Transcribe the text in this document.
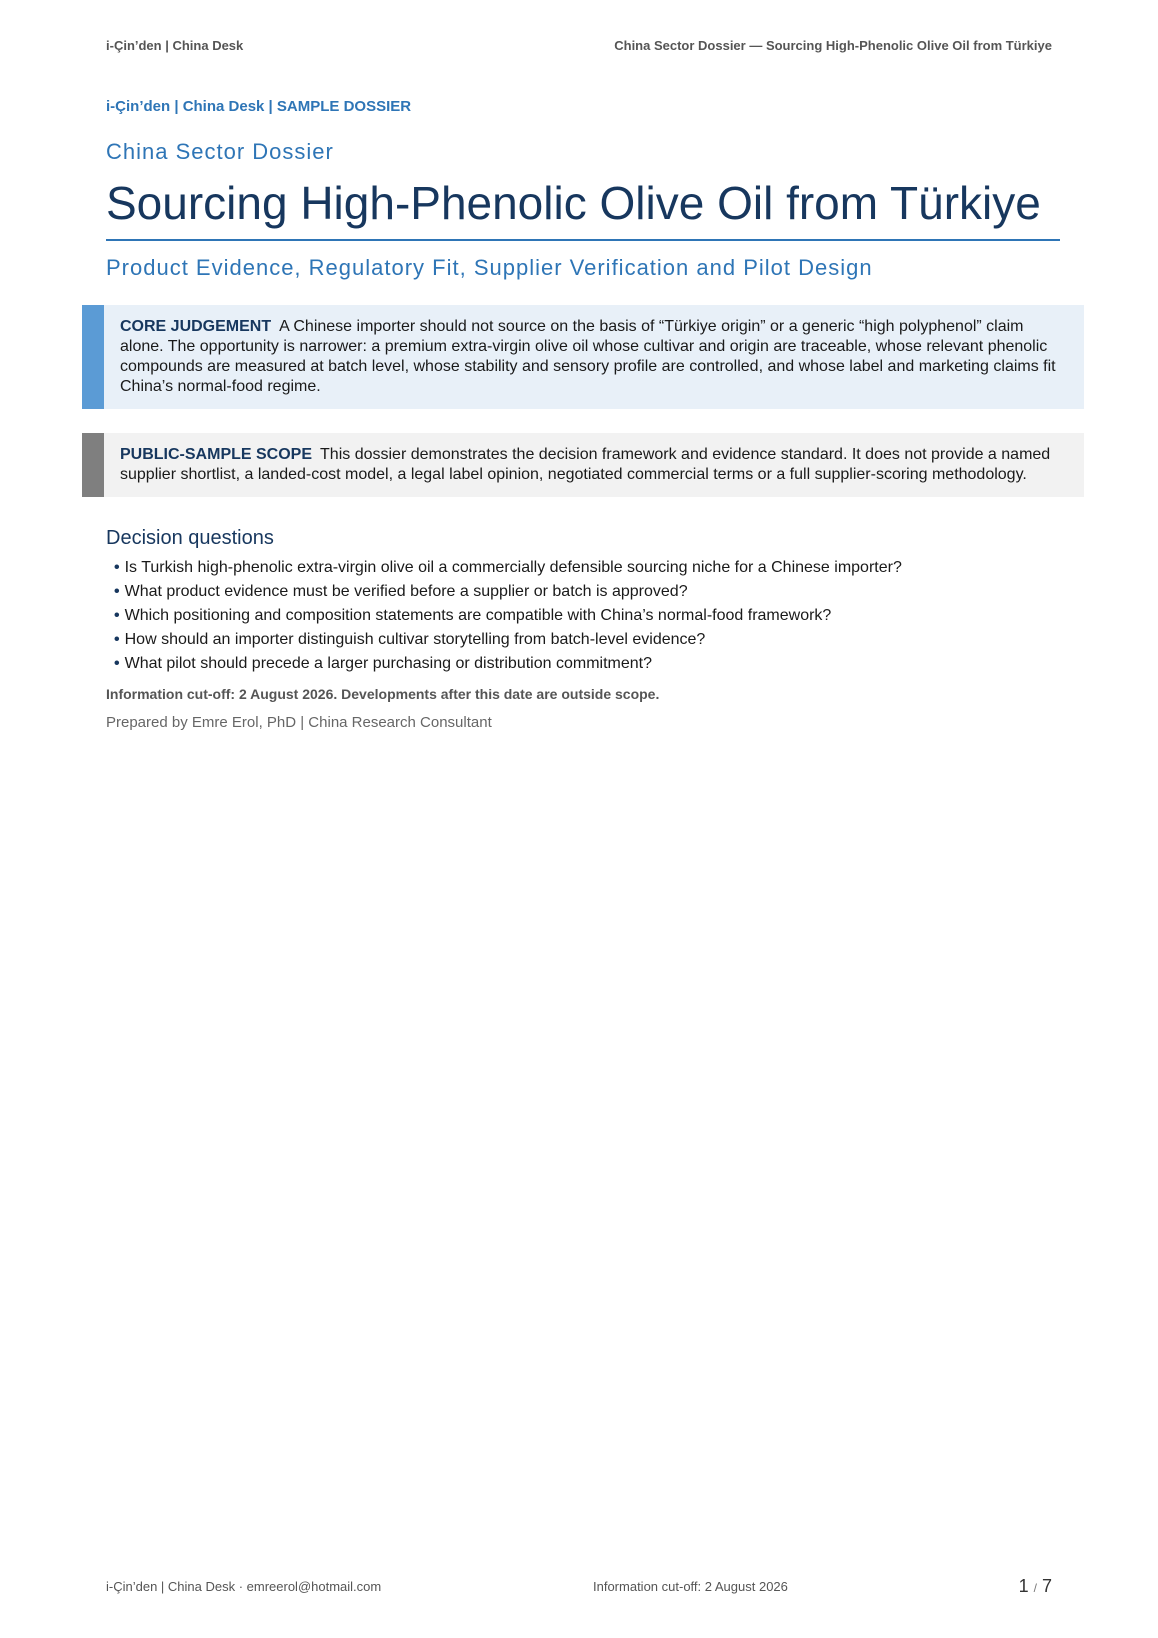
i-Çin’den | China Desk	China Sector Dossier — Sourcing High-Phenolic Olive Oil from Türkiye
i-Çin’den | China Desk | SAMPLE DOSSIER
China Sector Dossier
Sourcing High-Phenolic Olive Oil from Türkiye
Product Evidence, Regulatory Fit, Supplier Verification and Pilot Design
CORE JUDGEMENT A Chinese importer should not source on the basis of “Türkiye origin” or a generic “high polyphenol” claim alone. The opportunity is narrower: a premium extra-virgin olive oil whose cultivar and origin are traceable, whose relevant phenolic compounds are measured at batch level, whose stability and sensory profile are controlled, and whose label and marketing claims fit China’s normal-food regime.
PUBLIC-SAMPLE SCOPE This dossier demonstrates the decision framework and evidence standard. It does not provide a named supplier shortlist, a landed-cost model, a legal label opinion, negotiated commercial terms or a full supplier-scoring methodology.
Decision questions
• Is Turkish high-phenolic extra-virgin olive oil a commercially defensible sourcing niche for a Chinese importer?
• What product evidence must be verified before a supplier or batch is approved?
• Which positioning and composition statements are compatible with China’s normal-food framework?
• How should an importer distinguish cultivar storytelling from batch-level evidence?
• What pilot should precede a larger purchasing or distribution commitment?
Information cut-off: 2 August 2026. Developments after this date are outside scope.
Prepared by Emre Erol, PhD | China Research Consultant
i-Çin’den | China Desk · emreerol@hotmail.com	Information cut-off: 2 August 2026	1 / 7
